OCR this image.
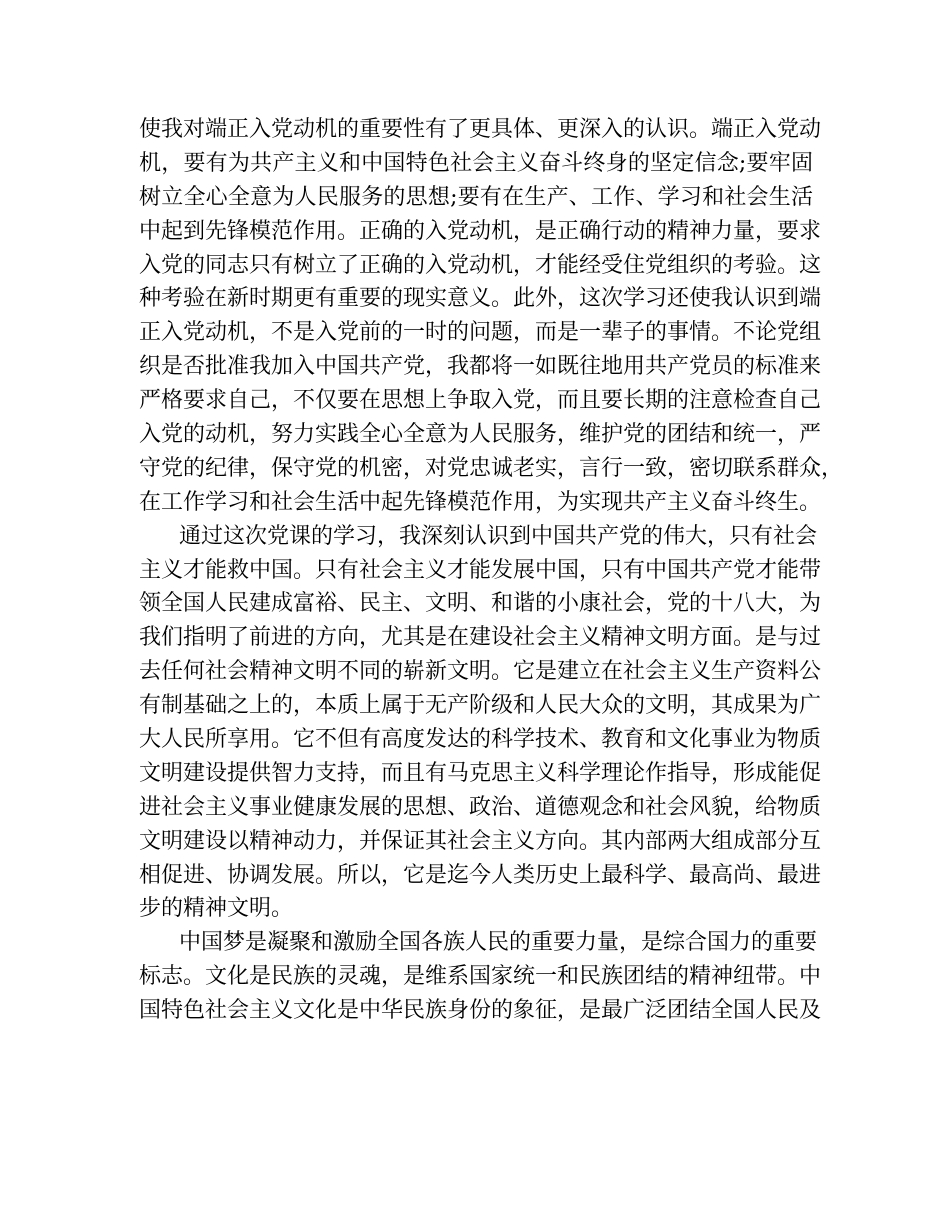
使我对端正入党动机的重要性有了更具体、更深入的认识。端正入党动
机，要有为共产主义和中国特色社会主义奋斗终身的坚定信念;要牢固
树立全心全意为人民服务的思想;要有在生产、工作、学习和社会生活
中起到先锋模范作用。正确的入党动机，是正确行动的精神力量，要求
入党的同志只有树立了正确的入党动机，才能经受住党组织的考验。这
种考验在新时期更有重要的现实意义。此外，这次学习还使我认识到端
正入党动机，不是入党前的一时的问题，而是一辈子的事情。不论党组
织是否批准我加入中国共产党，我都将一如既往地用共产党员的标准来
严格要求自己，不仅要在思想上争取入党，而且要长期的注意检查自己
入党的动机，努力实践全心全意为人民服务，维护党的团结和统一，严
守党的纪律，保守党的机密，对党忠诚老实，言行一致，密切联系群众，
在工作学习和社会生活中起先锋模范作用，为实现共产主义奋斗终生。
通过这次党课的学习，我深刻认识到中国共产党的伟大，只有社会
主义才能救中国。只有社会主义才能发展中国，只有中国共产党才能带
领全国人民建成富裕、民主、文明、和谐的小康社会，党的十八大，为
我们指明了前进的方向，尤其是在建设社会主义精神文明方面。是与过
去任何社会精神文明不同的崭新文明。它是建立在社会主义生产资料公
有制基础之上的，本质上属于无产阶级和人民大众的文明，其成果为广
大人民所享用。它不但有高度发达的科学技术、教育和文化事业为物质
文明建设提供智力支持，而且有马克思主义科学理论作指导，形成能促
进社会主义事业健康发展的思想、政治、道德观念和社会风貌，给物质
文明建设以精神动力，并保证其社会主义方向。其内部两大组成部分互
相促进、协调发展。所以，它是迄今人类历史上最科学、最高尚、最进
步的精神文明。
中国梦是凝聚和激励全国各族人民的重要力量，是综合国力的重要
标志。文化是民族的灵魂，是维系国家统一和民族团结的精神纽带。中
国特色社会主义文化是中华民族身份的象征，是最广泛团结全国人民及
